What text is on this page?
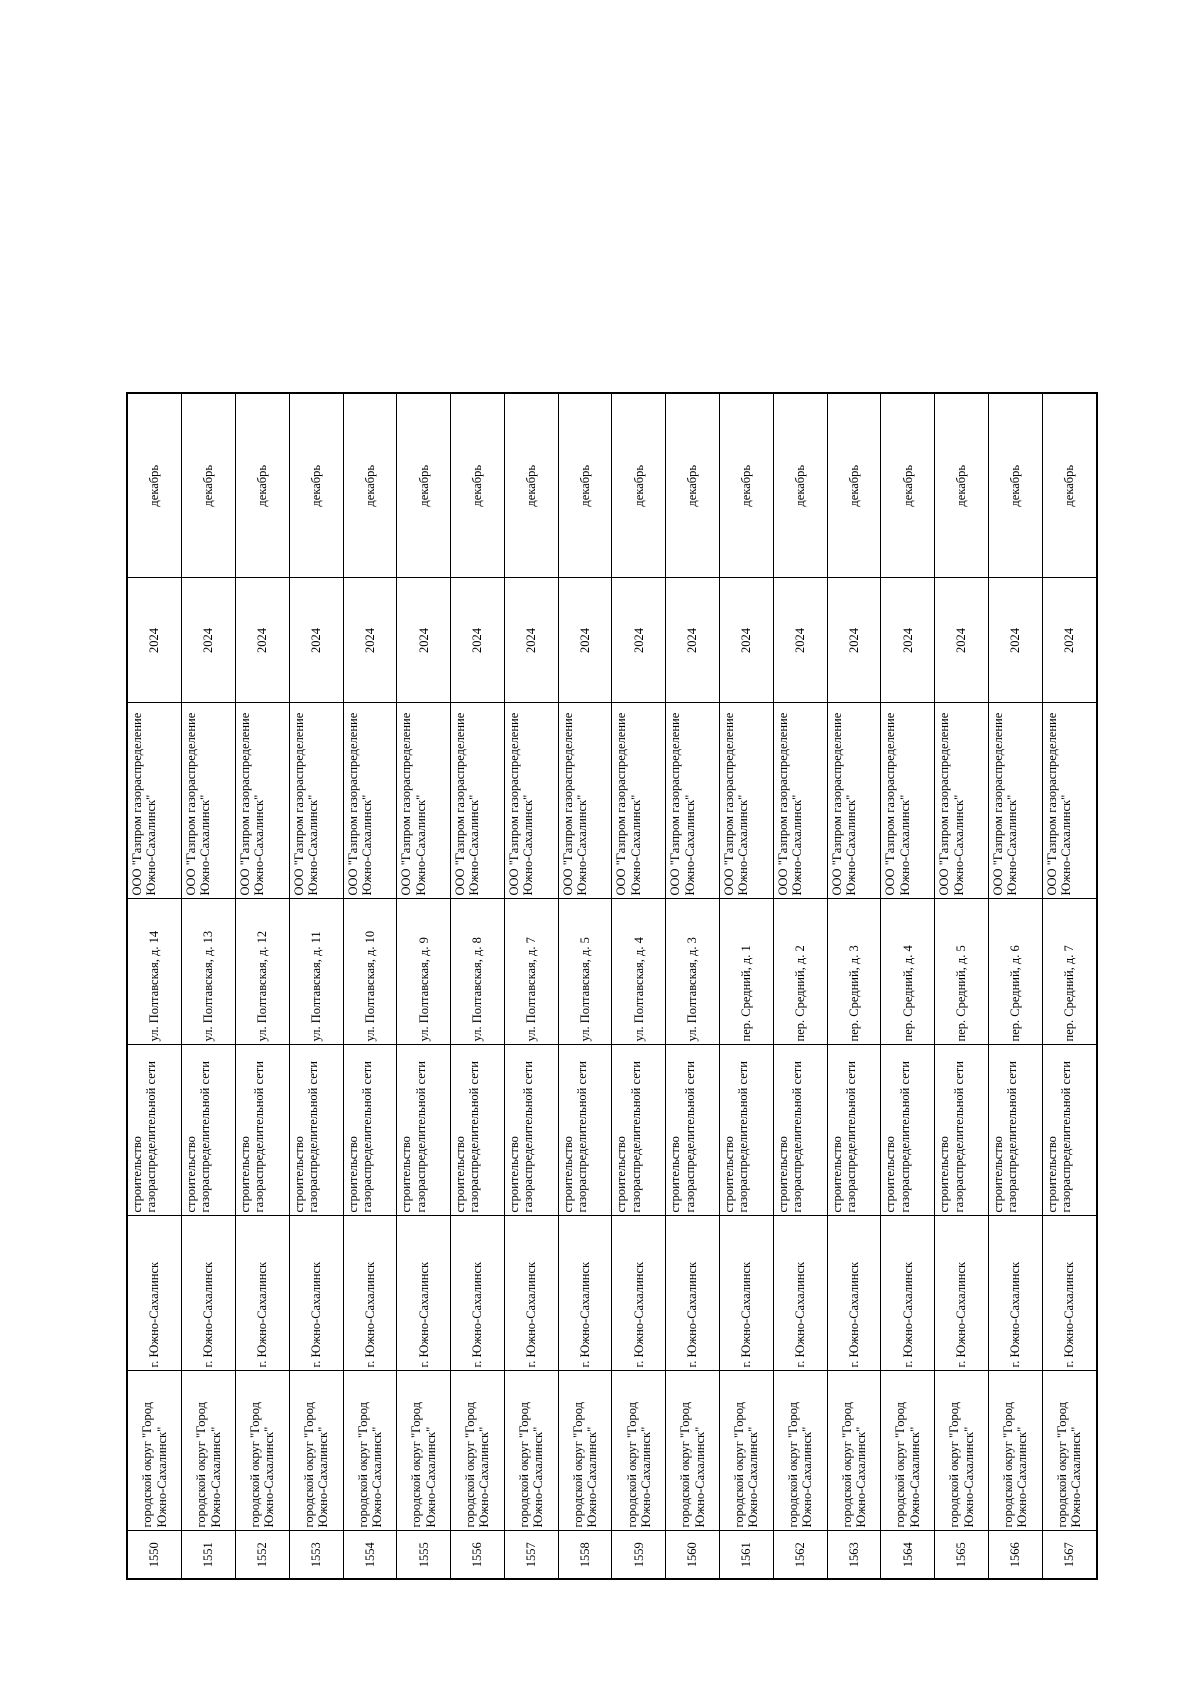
1550	городской округ "Город Южно-Сахалинск"	г. Южно-Сахалинск	строительство газораспределительной сети	ул. Полтавская, д. 14	ООО "Газпром газораспределение Южно-Сахалинск"	2024	декабрь
1551	городской округ "Город Южно-Сахалинск"	г. Южно-Сахалинск	строительство газораспределительной сети	ул. Полтавская, д. 13	ООО "Газпром газораспределение Южно-Сахалинск"	2024	декабрь
1552	городской округ "Город Южно-Сахалинск"	г. Южно-Сахалинск	строительство газораспределительной сети	ул. Полтавская, д. 12	ООО "Газпром газораспределение Южно-Сахалинск"	2024	декабрь
1553	городской округ "Город Южно-Сахалинск"	г. Южно-Сахалинск	строительство газораспределительной сети	ул. Полтавская, д. 11	ООО "Газпром газораспределение Южно-Сахалинск"	2024	декабрь
1554	городской округ "Город Южно-Сахалинск"	г. Южно-Сахалинск	строительство газораспределительной сети	ул. Полтавская, д. 10	ООО "Газпром газораспределение Южно-Сахалинск"	2024	декабрь
1555	городской округ "Город Южно-Сахалинск"	г. Южно-Сахалинск	строительство газораспределительной сети	ул. Полтавская, д. 9	ООО "Газпром газораспределение Южно-Сахалинск"	2024	декабрь
1556	городской округ "Город Южно-Сахалинск"	г. Южно-Сахалинск	строительство газораспределительной сети	ул. Полтавская, д. 8	ООО "Газпром газораспределение Южно-Сахалинск"	2024	декабрь
1557	городской округ "Город Южно-Сахалинск"	г. Южно-Сахалинск	строительство газораспределительной сети	ул. Полтавская, д. 7	ООО "Газпром газораспределение Южно-Сахалинск"	2024	декабрь
1558	городской округ "Город Южно-Сахалинск"	г. Южно-Сахалинск	строительство газораспределительной сети	ул. Полтавская, д. 5	ООО "Газпром газораспределение Южно-Сахалинск"	2024	декабрь
1559	городской округ "Город Южно-Сахалинск"	г. Южно-Сахалинск	строительство газораспределительной сети	ул. Полтавская, д. 4	ООО "Газпром газораспределение Южно-Сахалинск"	2024	декабрь
1560	городской округ "Город Южно-Сахалинск"	г. Южно-Сахалинск	строительство газораспределительной сети	ул. Полтавская, д. 3	ООО "Газпром газораспределение Южно-Сахалинск"	2024	декабрь
1561	городской округ "Город Южно-Сахалинск"	г. Южно-Сахалинск	строительство газораспределительной сети	пер. Средний, д. 1	ООО "Газпром газораспределение Южно-Сахалинск"	2024	декабрь
1562	городской округ "Город Южно-Сахалинск"	г. Южно-Сахалинск	строительство газораспределительной сети	пер. Средний, д. 2	ООО "Газпром газораспределение Южно-Сахалинск"	2024	декабрь
1563	городской округ "Город Южно-Сахалинск"	г. Южно-Сахалинск	строительство газораспределительной сети	пер. Средний, д. 3	ООО "Газпром газораспределение Южно-Сахалинск"	2024	декабрь
1564	городской округ "Город Южно-Сахалинск"	г. Южно-Сахалинск	строительство газораспределительной сети	пер. Средний, д. 4	ООО "Газпром газораспределение Южно-Сахалинск"	2024	декабрь
1565	городской округ "Город Южно-Сахалинск"	г. Южно-Сахалинск	строительство газораспределительной сети	пер. Средний, д. 5	ООО "Газпром газораспределение Южно-Сахалинск"	2024	декабрь
1566	городской округ "Город Южно-Сахалинск"	г. Южно-Сахалинск	строительство газораспределительной сети	пер. Средний, д. 6	ООО "Газпром газораспределение Южно-Сахалинск"	2024	декабрь
1567	городской округ "Город Южно-Сахалинск"	г. Южно-Сахалинск	строительство газораспределительной сети	пер. Средний, д. 7	ООО "Газпром газораспределение Южно-Сахалинск"	2024	декабрь
